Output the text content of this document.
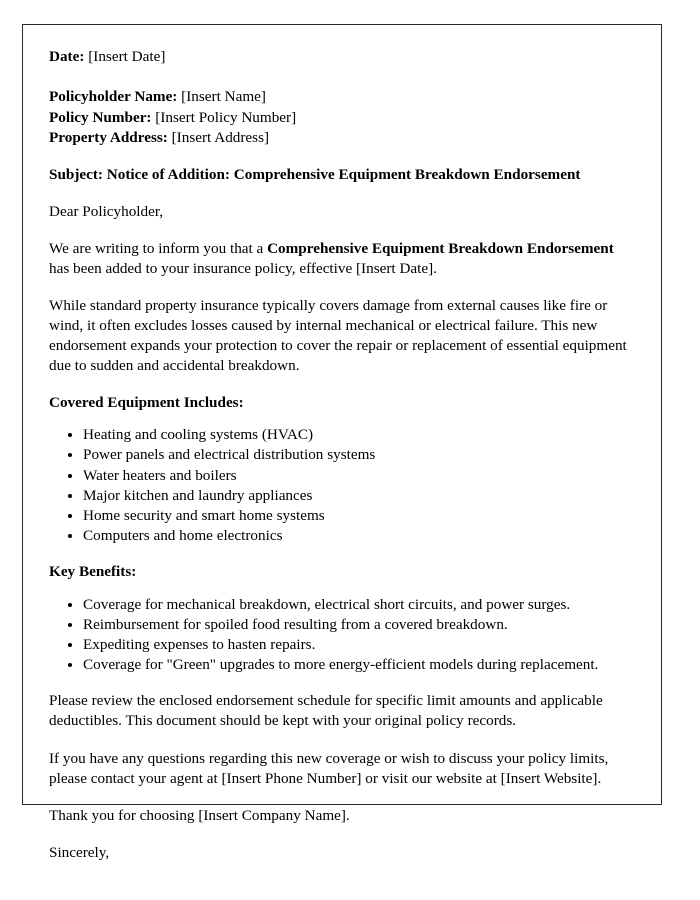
Date: [Insert Date]

Policyholder Name: [Insert Name]

Policy Number: [Insert Policy Number]

Property Address: [Insert Address]

Subject: Notice of Addition: Comprehensive Equipment Breakdown Endorsement

Dear Policyholder,

We are writing to inform you that a Comprehensive Equipment Breakdown Endorsement has been added to your insurance policy, effective [Insert Date].

While standard property insurance typically covers damage from external causes like fire or wind, it often excludes losses caused by internal mechanical or electrical failure. This new endorsement expands your protection to cover the repair or replacement of essential equipment due to sudden and accidental breakdown.

Covered Equipment Includes:

• Heating and cooling systems (HVAC)
• Power panels and electrical distribution systems
• Water heaters and boilers
• Major kitchen and laundry appliances
• Home security and smart home systems
• Computers and home electronics

Key Benefits:

• Coverage for mechanical breakdown, electrical short circuits, and power surges.
• Reimbursement for spoiled food resulting from a covered breakdown.
• Expediting expenses to hasten repairs.
• Coverage for "Green" upgrades to more energy-efficient models during replacement.

Please review the enclosed endorsement schedule for specific limit amounts and applicable deductibles. This document should be kept with your original policy records.

If you have any questions regarding this new coverage or wish to discuss your policy limits, please contact your agent at [Insert Phone Number] or visit our website at [Insert Website].

Thank you for choosing [Insert Company Name].

Sincerely,
